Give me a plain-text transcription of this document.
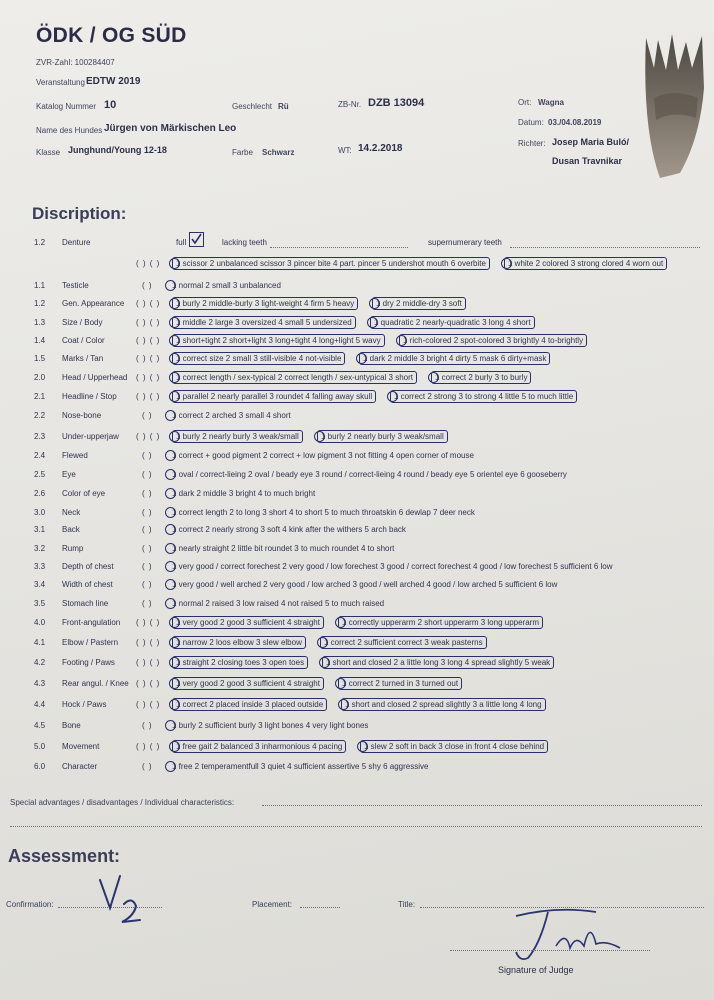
ÖDK / OG SÜD
ZVR-Zahl: 100284407
Veranstaltung EDTW 2019
Katalog Nummer 10	Geschlecht Rü	ZB-Nr. DZB 13094	Ort: Wagna
Datum: 03./04.08.2019
Name des Hundes Jürgen von Märkischen Leo
Richter: Josep Maria Buló/
Dusan Travnikar
Klasse Junghund/Young 12-18	Farbe Schwarz	WT: 14.2.2018
Discription:
1.2 Denture	full	lacking teeth	supernumerary teeth
( ) ( )	1 scissor 2 unbalanced scissor 3 pincer bite 4 part. pincer 5 undershot mouth 6 overbite	1 white 2 colored 3 strong clored 4 worn out
1.1 Testicle	( )	1 normal 2 small 3 unbalanced
1.2 Gen. Appearance ( ) ( )	1 burly 2 middle-burly 3 light-weight 4 firm 5 heavy	1 dry 2 middle-dry 3 soft
1.3 Size / Body	( ) ( )	1 middle 2 large 3 oversized 4 small 5 undersized	1 quadratic 2 nearly-quadratic 3 long 4 short
1.4 Coat / Color	( ) ( )	1 short+tight 2 short+light 3 long+tight 4 long+light 5 wavy	1 rich-colored 2 spot-colored 3 brightly 4 to-brightly
1.5 Marks / Tan	( ) ( )	1 correct size 2 small 3 still-visible 4 not-visible	1 dark 2 middle 3 bright 4 dirty 5 mask 6 dirty+mask
2.0 Head / Upperhead ( ) ( )	1 correct length / sex-typical 2 correct length / sex-untypical 3 short	1 correct 2 burly 3 to burly
2.1 Headline / Stop ( ) ( )	1 parallel 2 nearly parallel 3 roundet 4 falling away skull	1 correct 2 strong 3 to strong 4 little 5 to much little
2.2 Nose-bone	( )	1 correct 2 arched 3 small 4 short
2.3 Under-upperjaw ( ) ( )	1 burly 2 nearly burly 3 weak/small	1 burly 2 nearly burly 3 weak/small
2.4 Flewed	( )	1 correct + good pigment 2 correct + low pigment 3 not fitting 4 open corner of mouse
2.5 Eye	( )	1 oval / correct-lieing 2 oval / beady eye 3 round / correct-lieing 4 round / beady eye 5 orientel eye 6 gooseberry
2.6 Color of eye	( )	1 dark 2 middle 3 bright 4 to much bright
3.0 Neck	( )	1 correct length 2 to long 3 short 4 to short 5 to much throatskin 6 dewlap 7 deer neck
3.1 Back	( )	1 correct 2 nearly strong 3 soft 4 kink after the withers 5 arch back
3.2 Rump	( )	1 nearly straight 2 little bit roundet 3 to much roundet 4 to short
3.3 Depth of chest	( )	1 very good / correct forechest 2 very good / low forechest 3 good / correct forechest 4 good / low forechest 5 sufficient 6 low
3.4 Width of chest	( )	1 very good / well arched 2 very good / low arched 3 good / well arched 4 good / low arched 5 sufficient 6 low
3.5 Stomach line	( )	1 normal 2 raised 3 low raised 4 not raised 5 to much raised
4.0 Front-angulation ( ) ( )	1 very good 2 good 3 sufficient 4 straight	1 correctly upperarm 2 short upperarm 3 long upperarm
4.1 Elbow / Pastern ( ) ( )	1 narrow 2 loos elbow 3 slew elbow	1 correct 2 sufficient correct 3 weak pasterns
4.2 Footing / Paws	( ) ( )	1 straight 2 closing toes 3 open toes	1 short and closed 2 a little long 3 long 4 spread slightly 5 weak
4.3 Rear angul. / Knee ( ) ( )	1 very good 2 good 3 sufficient 4 straight	1 correct 2 turned in 3 turned out
4.4 Hock / Paws	( ) ( )	1 correct 2 placed inside 3 placed outside	1 short and closed 2 spread slightly 3 a little long 4 long
4.5 Bone	( )	1 burly 2 sufficient burly 3 light bones 4 very light bones
5.0 Movement	( ) ( )	1 free gait 2 balanced 3 inharmonious 4 pacing	1 slew 2 soft in back 3 close in front 4 close behind
6.0 Character	( )	1 free 2 temperamentfull 3 quiet 4 sufficient assertive 5 shy 6 aggressive
Special advantages / disadvantages / Individual characteristics:
Assessment:
Confirmation:	Placement:	Title:
Signature of Judge
